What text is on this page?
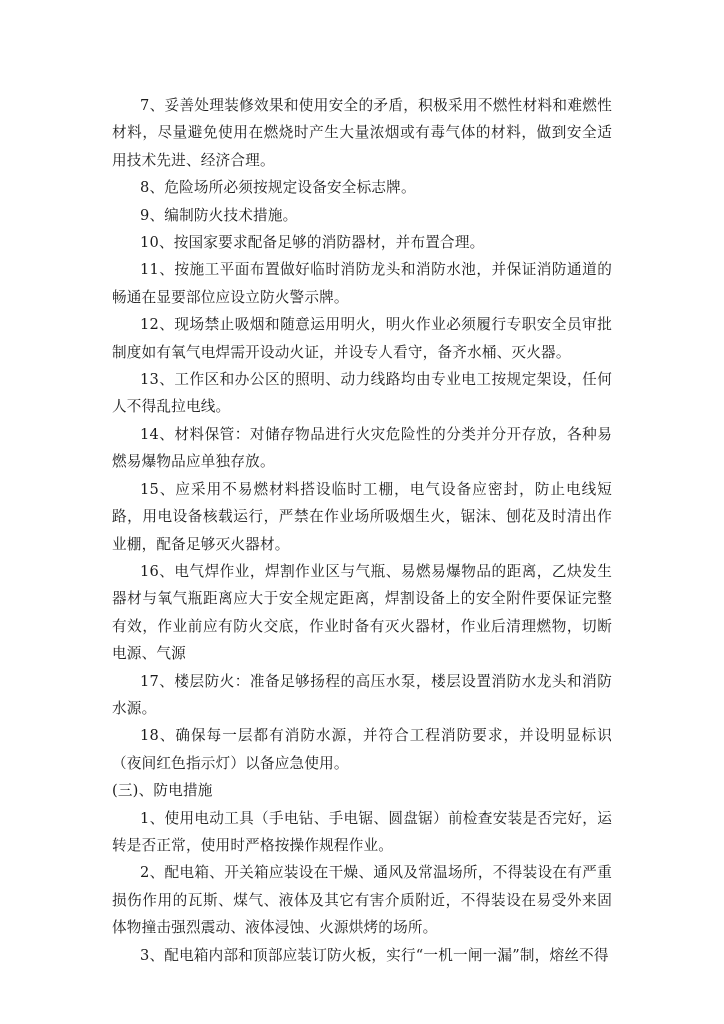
7、妥善处理装修效果和使用安全的矛盾，积极采用不燃性材料和难燃性材料，尽量避免使用在燃烧时产生大量浓烟或有毒气体的材料，做到安全适用技术先进、经济合理。

8、危险场所必须按规定设备安全标志牌。

9、编制防火技术措施。

10、按国家要求配备足够的消防器材，并布置合理。

11、按施工平面布置做好临时消防龙头和消防水池，并保证消防通道的畅通在显要部位应设立防火警示牌。

12、现场禁止吸烟和随意运用明火，明火作业必须履行专职安全员审批制度如有氧气电焊需开设动火证，并设专人看守，备齐水桶、灭火器。

13、工作区和办公区的照明、动力线路均由专业电工按规定架设，任何人不得乱拉电线。

14、材料保管：对储存物品进行火灾危险性的分类并分开存放，各种易燃易爆物品应单独存放。

15、应采用不易燃材料搭设临时工棚，电气设备应密封，防止电线短路，用电设备核载运行，严禁在作业场所吸烟生火，锯沫、刨花及时清出作业棚，配备足够灭火器材。

16、电气焊作业，焊割作业区与气瓶、易燃易爆物品的距离，乙炔发生器材与氧气瓶距离应大于安全规定距离，焊割设备上的安全附件要保证完整有效，作业前应有防火交底，作业时备有灭火器材，作业后清理燃物，切断电源、气源

17、楼层防火：准备足够扬程的高压水泵，楼层设置消防水龙头和消防水源。

18、确保每一层都有消防水源，并符合工程消防要求，并设明显标识（夜间红色指示灯）以备应急使用。

(三)、防电措施

1、使用电动工具（手电钻、手电锯、圆盘锯）前检查安装是否完好，运转是否正常，使用时严格按操作规程作业。

2、配电箱、开关箱应装设在干燥、通风及常温场所，不得装设在有严重损伤作用的瓦斯、煤气、液体及其它有害介质附近，不得装设在易受外来固体物撞击强烈震动、液体浸蚀、火源烘烤的场所。

3、配电箱内部和顶部应装订防火板，实行“一机一闸一漏”制，熔丝不得
